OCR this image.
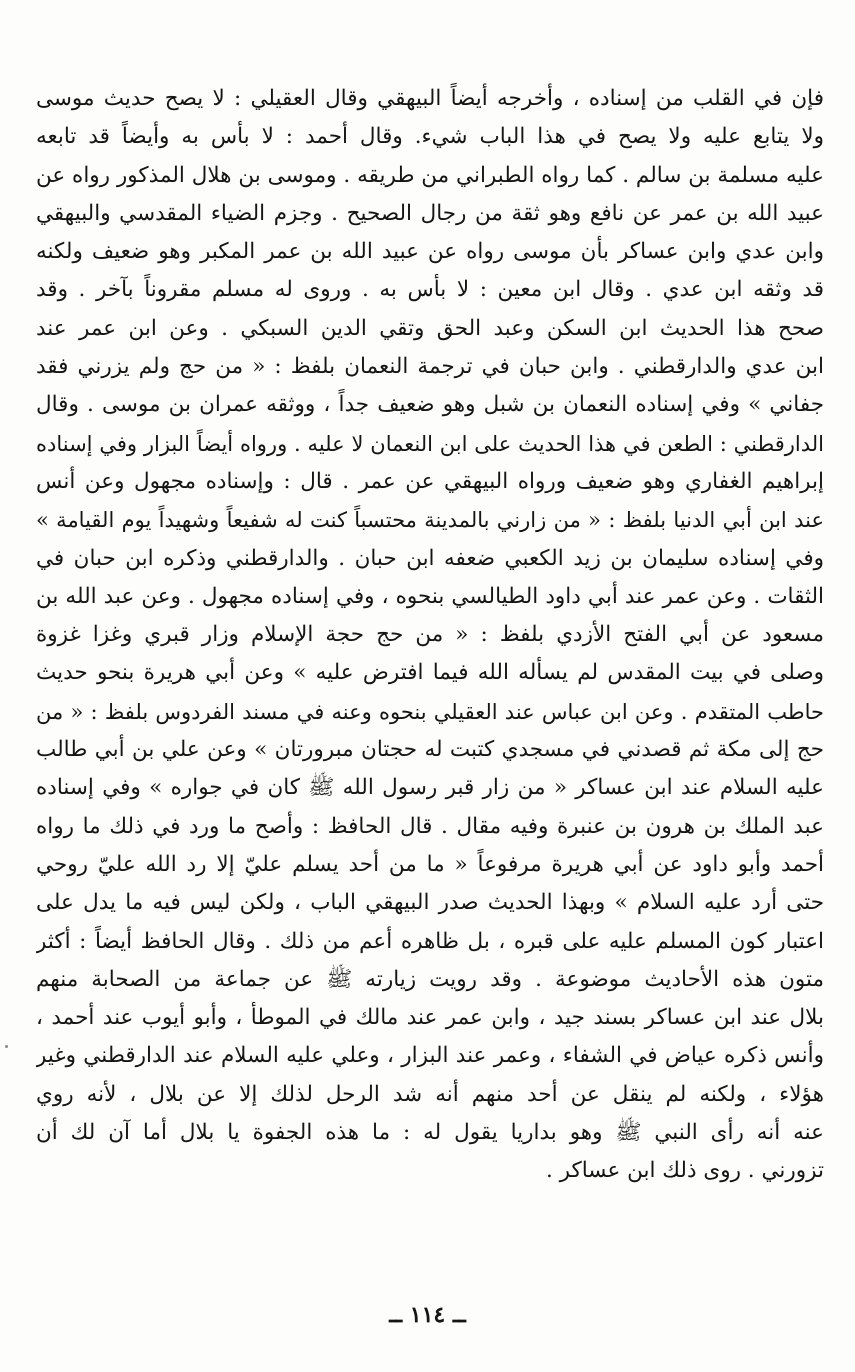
فإن في القلب من إسناده ، وأخرجه أيضاً البيهقي وقال العقيلي : لا يصح حديث موسى
ولا يتابع عليه ولا يصح في هذا الباب شيء. وقال أحمد : لا بأس به وأيضاً قد تابعه
عليه مسلمة بن سالم . كما رواه الطبراني من طريقه . وموسى بن هلال المذكور رواه عن
عبيد الله بن عمر عن نافع وهو ثقة من رجال الصحيح . وجزم الضياء المقدسي والبيهقي
وابن عدي وابن عساكر بأن موسى رواه عن عبيد الله بن عمر المكبر وهو ضعيف ولكنه
قد وثقه ابن عدي . وقال ابن معين : لا بأس به . وروى له مسلم مقروناً بآخر . وقد
صحح هذا الحديث ابن السكن وعبد الحق وتقي الدين السبكي . وعن ابن عمر عند
ابن عدي والدارقطني . وابن حبان في ترجمة النعمان بلفظ : « من حج ولم يزرني فقد
جفاني » وفي إسناده النعمان بن شبل وهو ضعيف جداً ، ووثقه عمران بن موسى . وقال
الدارقطني : الطعن في هذا الحديث على ابن النعمان لا عليه . ورواه أيضاً البزار وفي إسناده
إبراهيم الغفاري وهو ضعيف ورواه البيهقي عن عمر . قال : وإسناده مجهول وعن أنس
عند ابن أبي الدنيا بلفظ : « من زارني بالمدينة محتسباً كنت له شفيعاً وشهيداً يوم القيامة »
وفي إسناده سليمان بن زيد الكعبي ضعفه ابن حبان . والدارقطني وذكره ابن حبان في
الثقات . وعن عمر عند أبي داود الطيالسي بنحوه ، وفي إسناده مجهول . وعن عبد الله بن
مسعود عن أبي الفتح الأزدي بلفظ : « من حج حجة الإسلام وزار قبري وغزا غزوة
وصلى في بيت المقدس لم يسأله الله فيما افترض عليه » وعن أبي هريرة بنحو حديث
حاطب المتقدم . وعن ابن عباس عند العقيلي بنحوه وعنه في مسند الفردوس بلفظ : « من
حج إلى مكة ثم قصدني في مسجدي كتبت له حجتان مبرورتان » وعن علي بن أبي طالب
عليه السلام عند ابن عساكر « من زار قبر رسول الله ﷺ كان في جواره » وفي إسناده
عبد الملك بن هرون بن عنبرة وفيه مقال . قال الحافظ : وأصح ما ورد في ذلك ما رواه
أحمد وأبو داود عن أبي هريرة مرفوعاً « ما من أحد يسلم عليّ إلا رد الله عليّ روحي
حتى أرد عليه السلام » وبهذا الحديث صدر البيهقي الباب ، ولكن ليس فيه ما يدل على
اعتبار كون المسلم عليه على قبره ، بل ظاهره أعم من ذلك . وقال الحافظ أيضاً : أكثر
متون هذه الأحاديث موضوعة . وقد رويت زيارته ﷺ عن جماعة من الصحابة منهم
بلال عند ابن عساكر بسند جيد ، وابن عمر عند مالك في الموطأ ، وأبو أيوب عند أحمد ،
وأنس ذكره عياض في الشفاء ، وعمر عند البزار ، وعلي عليه السلام عند الدارقطني وغير
هؤلاء ، ولكنه لم ينقل عن أحد منهم أنه شد الرحل لذلك إلا عن بلال ، لأنه روي
عنه أنه رأى النبي ﷺ وهو بداريا يقول له : ما هذه الجفوة يا بلال أما آن لك أن
تزورني . روى ذلك ابن عساكر .
ــ ١١٤ ــ
